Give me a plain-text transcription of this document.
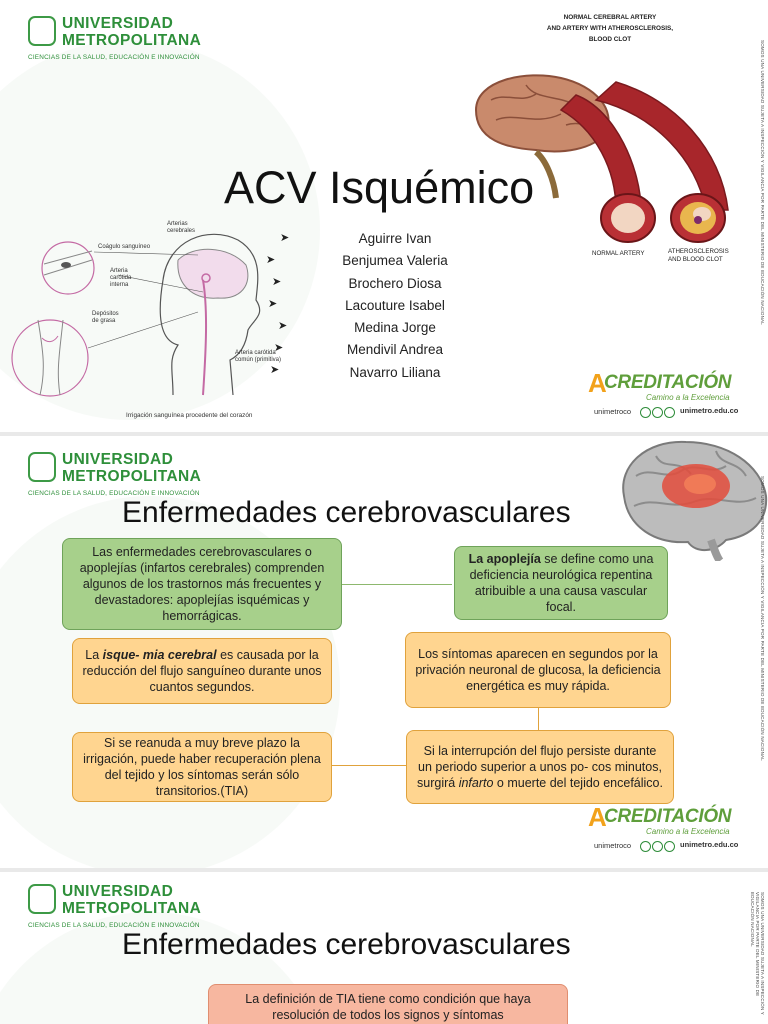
UNIVERSIDAD
METROPOLITANA
CIENCIAS DE LA SALUD, EDUCACIÓN E INNOVACIÓN
NORMAL CEREBRAL ARTERY
AND ARTERY WITH ATHEROSCLEROSIS,
BLOOD CLOT
NORMAL ARTERY	ATHEROSCLEROSIS
AND BLOOD CLOT
ACV Isquémico
Arterias
cerebrales
Coágulo sanguíneo
Arteria
carótida
interna
Depósitos
de grasa
Arteria carótida
común (primitiva)
Irrigación sanguínea procedente del corazón
➤
➤
➤
➤
➤
➤
➤
Aguirre Ivan
Benjumea Valeria
Brochero Diosa
Lacouture Isabel
Medina Jorge
Mendivil Andrea
Navarro Liliana	A
CREDITACIÓN
Camino a la Excelencia
unimetroco	unimetro.edu.co
SOMOS UNA UNIVERSIDAD SUJETA A INSPECCIÓN Y VIGILANCIA POR PARTE DEL MINISTERIO DE EDUCACIÓN NACIONAL
UNIVERSIDAD
METROPOLITANA
CIENCIAS DE LA SALUD, EDUCACIÓN E INNOVACIÓN
Enfermedades cerebrovasculares
Las enfermedades cerebrovasculares o apoplejías (infartos cerebrales) comprenden algunos de los trastornos más frecuentes y devastadores: apoplejías isquémicas y hemorrágicas.
La apoplejía se define como una deficiencia neurológica repentina atribuible a una causa vascular focal.
La isque- mia cerebral es causada por la reducción del flujo sanguíneo durante unos cuantos segundos.
Los síntomas aparecen en segundos por la privación neuronal de glucosa, la deficiencia energética es muy rápida.
Si se reanuda a muy breve plazo la irrigación, puede haber recuperación plena del tejido y los síntomas serán sólo transitorios.(TIA)
Si la interrupción del flujo persiste durante un periodo superior a unos po- cos minutos, surgirá infarto o muerte del tejido encefálico.
A
CREDITACIÓN
Camino a la Excelencia
unimetroco	unimetro.edu.co
SOMOS UNA UNIVERSIDAD SUJETA A INSPECCIÓN Y VIGILANCIA POR PARTE DEL MINISTERIO DE EDUCACIÓN NACIONAL
UNIVERSIDAD
METROPOLITANA
CIENCIAS DE LA SALUD, EDUCACIÓN E INNOVACIÓN
Enfermedades cerebrovasculares
La definición de TIA tiene como condición que haya
resolución de todos los signos y síntomas
SOMOS UNA UNIVERSIDAD SUJETA A INSPECCIÓN Y VIGILANCIA POR PARTE DEL MINISTERIO DE EDUCACIÓN NACIONAL
